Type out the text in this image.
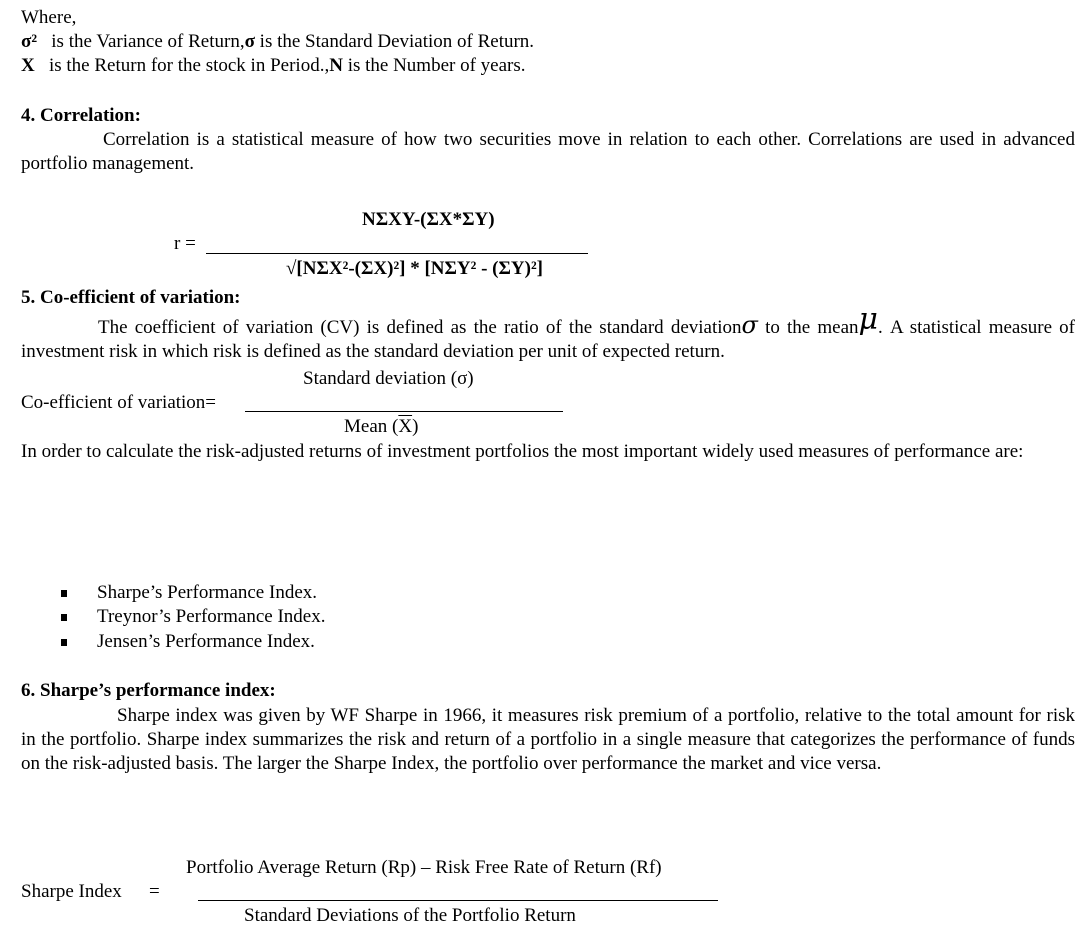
Where,
σ² is the Variance of Return,σ is the Standard Deviation of Return.
X is the Return for the stock in Period.,N is the Number of years.
4. Correlation:
Correlation is a statistical measure of how two securities move in relation to each other. Correlations are used in advanced portfolio management.
NΣXY-(ΣX*ΣY)
r =
√[NΣX²-(ΣX)²] * [NΣY² - (ΣY)²]
5. Co-efficient of variation:
The coefficient of variation (CV) is defined as the ratio of the standard deviationσ to the meanμ. A statistical measure of investment risk in which risk is defined as the standard deviation per unit of expected return.
Standard deviation (σ)
Co-efficient of variation=
Mean $(\overline{X})$
In order to calculate the risk-adjusted returns of investment portfolios the most important widely used measures of performance are:
Sharpe’s Performance Index.
Treynor’s Performance Index.
Jensen’s Performance Index.
6. Sharpe’s performance index:
Sharpe index was given by WF Sharpe in 1966, it measures risk premium of a portfolio, relative to the total amount for risk in the portfolio. Sharpe index summarizes the risk and return of a portfolio in a single measure that categorizes the performance of funds on the risk-adjusted basis. The larger the Sharpe Index, the portfolio over performance the market and vice versa.
Portfolio Average Return (Rp) – Risk Free Rate of Return (Rf)
Sharpe Index =
Standard Deviations of the Portfolio Return
